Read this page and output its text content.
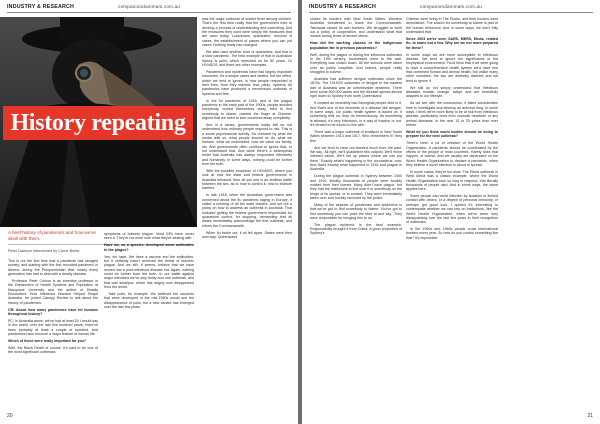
INDUSTRY & RESEARCH	companiondanimals.com.au
History repeating
A brief history of pandemics and how we've dealt with them.
Peter Dawson interviewed by Conor Burke

This is not the first time that a pandemic has ravaged society, and starting with the first recorded pandemic in Athens, during the Peloponnesian War, nearly every generation has had to deal with a deadly disease.

Professor Peter Curson is an emeritus professor in the Department of Health Systems and Population at Macquarie University and the author of Deadly Encounters: How Infectious Disease Helped Shape Australia. He joined Canopy Review to talk about the history of pandemics.

CR: About how many pandemics have hit humans throughout history?

PC: In Australia alone, we've had at least 20 I would say in the world; over the last five hundred years, there've been probably at least a couple of hundred. And pandemics have become a major feature of human life.

Which of these were really important for you?

Well, the Black Death of course. It's said to be one of the most significant outbreaks

symptoms of bubonic plague. Most GPs have never seen it. They're not even sure what they're dealing with.

Have we, as a species, developed some antibodies to the plague?

Yes, we have. We have a vaccine and the antibodies, but it certainly hasn't removed the threat of bubonic plague. And we still, it seems, believe that we have moved into a post-infectious disease era. Again, nothing could be further from the truth. In our battle against major infections we've only really won one outbreak, and that was smallpox, which has largely now disappeared from the world.

Take polio, for example. We believed the vaccines that were developed in the mid-1950s would see the disappearance of polio, but a new variant has emerged over the last few years.

was the major outbreak of scarlet fever among children. That's the first time really that the government tried to develop a process of understanding and controlling. And the measures they used were simply the measures that are used today. Lockdowns, quarantine, removal of cases, the establishment of places where you can put cases. Nothing really has changed.

We also have another form of quarantine, and that is a slow pandemic. The best example of that in Australian history is polio, which stretched on for 50 years. Or HIV/AIDS, and there are other examples.

Pandemics and epidemics have had largely important structures. It's a simple cases and deaths, but the effect, which we tend to ignore, is how people responded in their lives. How they reacted: fear, panic, hysteria. All pandemics have produced a tremendous outbreak of hysteria and fear.

In the flu pandemic of 1918, and in the plague pandemic in the early part of the 1900s, people avoided everybody, locked themselves away, tried to find somebody to blame, pointed the finger at Chinese, argued that we need to lock ourselves away completely.

And in a sense, governments today still do not understand how ordinary people respond to risk. This is a social psychosocial activity. It's nurtured by what the media tells us, what people around us do, what we foresee, what we understand, how we value our family, etc. And governments often continue to ignore that, or not understand that. And while there's a widespread belief that Australia has always responded effectively and humanely, in some ways, nothing could be further from the truth.

With the possible exception of HIV/AIDS, where you look at how the state and federal governments in Australia behaved, then all you see is an endless battle between the two, as to how to control it, how to institute barriers.

In late 1918, when the Australian government was concerned about the flu pandemic raging in Europe, it called a meeting of all the state leaders, and set out a policy on how to address an outbreak in Australia. That included getting the federal government responsible for quarantine control, for stopping, demanding that all states immediately acknowledge the first outbreak, and inform the Commonwealth.

When flu broke out, it all fell apart. States went their own way. Queensland

20
INDUSTRY & RESEARCH	companiondanimals.com.au

closed its borders with New South Wales. Western Australia threatened to leave the Commonwealth. Tasmania closed its own borders. We struggled to work out a policy of cooperation, and understand what that means during times of severe stress.

How did the working classes or the Indigenous population fair in previous pandemics?

Well, during the plague or during the influenza outbreaks in the 19th century, businesses went to the wall. Everything was closed down. All the schools were taken over as public hospitals. And indeed, people really struggled to survive.

Australia had suffered dengue outbreaks since the 1870s. The 1919/20 outbreaks of dengue in the eastern part of Australia was an unbelievable epidemic. There were some 600,000 cases and the disease spread almost right down to Sydney from north Queensland.

It created an incredibly bad Aboriginal people died in it. And that's one of the elements of a disease like dengue. In some ways, our public health system is based on, it something tells us, they do tremendously. As something is allowed, it's very infectious, in a way of fraction or not. It's tended to be forced to live with.

There was a major outbreak of smallpox in New South Wales between 1913 and 1917. Who remembers it? Very few.

And we tend to have not learned much from the past. We say, 'All right, we'll quarantine this outpost. We'll move infected cases. We'll set up places where we can put them.' Exactly what's happening in the coronavirus, now. And that's exactly what happened in 1918 and plague in Australia.

During the plague outbreak in Sydney between 1900 and 1910, literally thousands of people were forcibly evicted from their homes. Many didn't have plague, but they had the misfortune to live near it or somebody on the fringe of its spread, or in contact. They were immediately taken over and forcibly removed by the police.

Many of the aspects of pandemics and epidemics is that we've got to find somebody to blame. You've got to find somebody you can point the stick at and say, 'They were responsible for bringing this to us.'

The plague epidemic is the best example. Responsibility brought it from China. A good proportion of Sydney's

Chinese were living in The Rocks, and their houses were demolished. The search for somebody to blame is part of the human behaviour. And in some ways, we don't fully understand that.

Since 2003 we've seen SARS, MERS, Ebola, related flu, to name but a few. Why are we not more prepared for these?

In some ways we are more susceptible to infectious disease. We tend to ignore the significance of the biophysical environment. You'd think that if we were going to have a comprehensive health system we'd have one that combined human and animal health, but unlike many other countries, the two are distinctly discreet and we tend to ignore it.

We still do not simply understand that infectious diseases mutate, change, adapt, and are beautifully adapted to our lifestyle.

As we see with the coronavirus, it takes considerable time to investigate and develop an antiviral drug. In some ways, I think we're more likely to be at risk from infectious disease, particularly ones from zoonotic headcom or any animal diseases, in the next 15 or 25 years than ever before.

What do you think world bodies should be doing to prepare for the next outbreak?

There's been a lot of criticism of the World Health Organization. A pandemic should be coordinated by the efforts of the people of most countries. Rarely does that happen, of course. And we usually are dependent on the World Health Organization to declare a pandemic, when they believe a novel infection is about to spread.

In some cases, they're too slow. The Ebola outbreak in West Africa was a classic example, where the World Health Organization took so long to respond, that literally thousands of people died. And in some ways, the same applies here.

Some people can wield infection by isolation or limited contact with others, or a degree of personal immunity, or perhaps got good luck. I quoted it's interesting to contemplate whether we can rely on institutions, like the World Health Organization, when we've been very disappointing over the last few years in their recognition of outbreaks.

In the 1950s and 1960s people cross international borders every year. So how do you control something like that? It's impossible.

21
